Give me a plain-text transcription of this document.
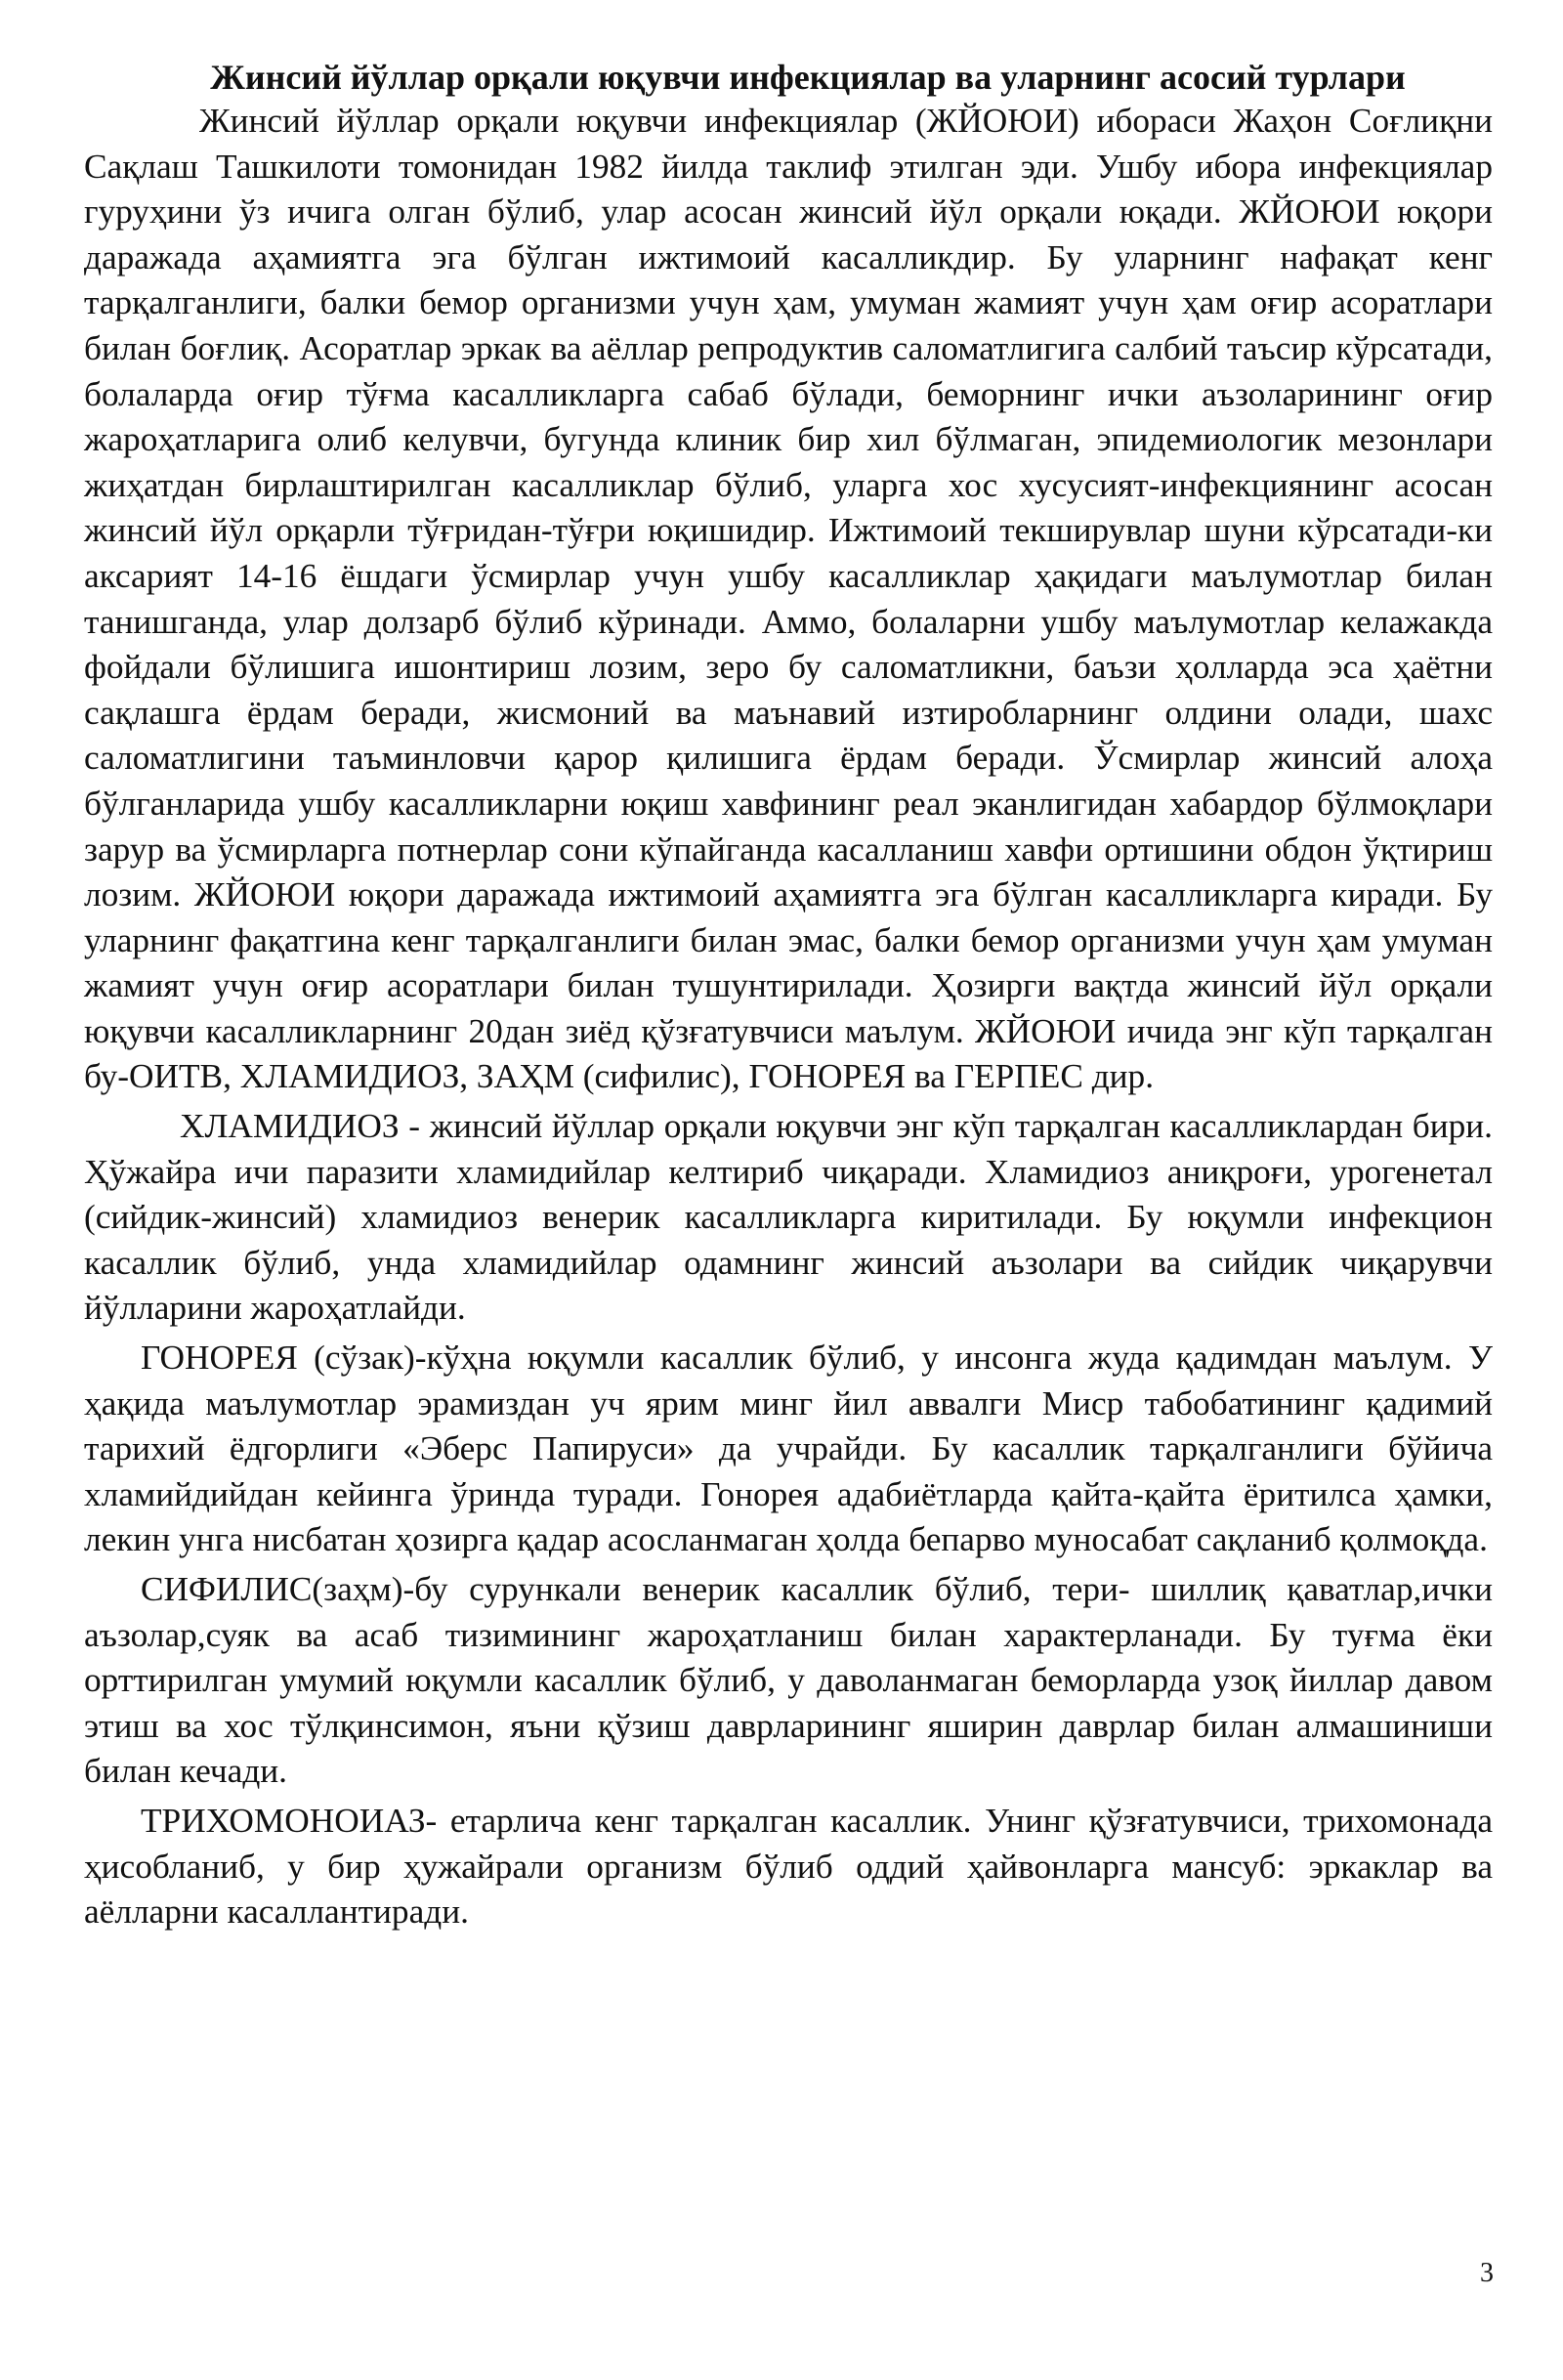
Жинсий йўллар орқали юқувчи инфекциялар ва уларнинг асосий турлари

Жинсий йўллар орқали юқувчи инфекциялар (ЖЙОЮИ) ибораси Жаҳон Соғлиқни Сақлаш Ташкилоти томонидан 1982 йилда таклиф этилган эди. Ушбу ибора инфекциялар гуруҳини ўз ичига олган бўлиб, улар асосан жинсий йўл орқали юқади. ЖЙОЮИ юқори даражада аҳамиятга эга бўлган ижтимоий касалликдир. Бу уларнинг нафақат кенг тарқалганлиги, балки бемор организми учун ҳам, умуман жамият учун ҳам оғир асоратлари билан боғлиқ. Асоратлар эркак ва аёллар репродуктив саломатлигига салбий таъсир кўрсатади, болаларда оғир тўғма касалликларга сабаб бўлади, беморнинг ички аъзоларининг оғир жароҳатларига олиб келувчи, бугунда клиник бир хил бўлмаган, эпидемиологик мезонлари жиҳатдан бирлаштирилган касалликлар бўлиб, уларга хос хусусият-инфекциянинг асосан жинсий йўл орқарли тўғридан-тўғри юқишидир. Ижтимоий текширувлар шуни кўрсатади-ки аксарият 14-16 ёшдаги ўсмирлар учун ушбу касалликлар ҳақидаги маълумотлар билан танишганда, улар долзарб бўлиб кўринади. Аммо, болаларни ушбу маълумотлар келажакда фойдали бўлишига ишонтириш лозим, зеро бу саломатликни, баъзи ҳолларда эса ҳаётни сақлашга ёрдам беради, жисмоний ва маънавий изтиробларнинг олдини олади, шахс саломатлигини таъминловчи қарор қилишига ёрдам беради. Ўсмирлар жинсий алоҳа бўлганларида ушбу касалликларни юқиш хавфининг реал эканлигидан хабардор бўлмоқлари зарур ва ўсмирларга потнерлар сони кўпайганда касалланиш хавфи ортишини обдон ўқтириш лозим. ЖЙОЮИ юқори даражада ижтимоий аҳамиятга эга бўлган касалликларга киради. Бу уларнинг фақатгина кенг тарқалганлиги билан эмас, балки бемор организми учун ҳам умуман жамият учун оғир асоратлари билан тушунтирилади. Ҳозирги вақтда жинсий йўл орқали юқувчи касалликларнинг 20дан зиёд қўзғатувчиси маълум. ЖЙОЮИ ичида энг кўп тарқалган бу-ОИТВ, ХЛАМИДИОЗ, ЗАҲМ (сифилис), ГОНОРЕЯ ва ГЕРПЕС дир.

ХЛАМИДИОЗ - жинсий йўллар орқали юқувчи энг кўп тарқалган касалликлардан бири. Ҳўжайра ичи паразити хламидийлар келтириб чиқаради. Хламидиоз аниқроғи, урогенетал (сийдик-жинсий) хламидиоз венерик касалликларга киритилади. Бу юқумли инфекцион касаллик бўлиб, унда хламидийлар одамнинг жинсий аъзолари ва сийдик чиқарувчи йўлларини жароҳатлайди.

ГОНОРЕЯ (сўзак)-кўҳна юқумли касаллик бўлиб, у инсонга жуда қадимдан маълум. У ҳақида маълумотлар эрамиздан уч ярим минг йил аввалги Миср табобатининг қадимий тарихий ёдгорлиги «Эберс Папируси» да учрайди. Бу касаллик тарқалганлиги бўйича хламийдийдан кейинга ўринда туради. Гонорея адабиётларда қайта-қайта ёритилса ҳамки, лекин унга нисбатан ҳозирга қадар асосланмаган ҳолда бепарво муносабат сақланиб қолмоқда.

СИФИЛИС(заҳм)-бу сурункали венерик касаллик бўлиб, тери- шиллиқ қаватлар,ички аъзолар,суяк ва асаб тизимининг жароҳатланиш билан характерланади. Бу туғма ёки орттирилган умумий юқумли касаллик бўлиб, у даволанмаган беморларда узоқ йиллар давом этиш ва хос тўлқинсимон, яъни қўзиш даврларининг яширин даврлар билан алмашиниши билан кечади.

ТРИХОМОНОИАЗ- етарлича кенг тарқалган касаллик. Унинг қўзғатувчиси, трихомонада ҳисобланиб, у бир ҳужайрали организм бўлиб оддий ҳайвонларга мансуб: эркаклар ва аёлларни касаллантиради.

3
